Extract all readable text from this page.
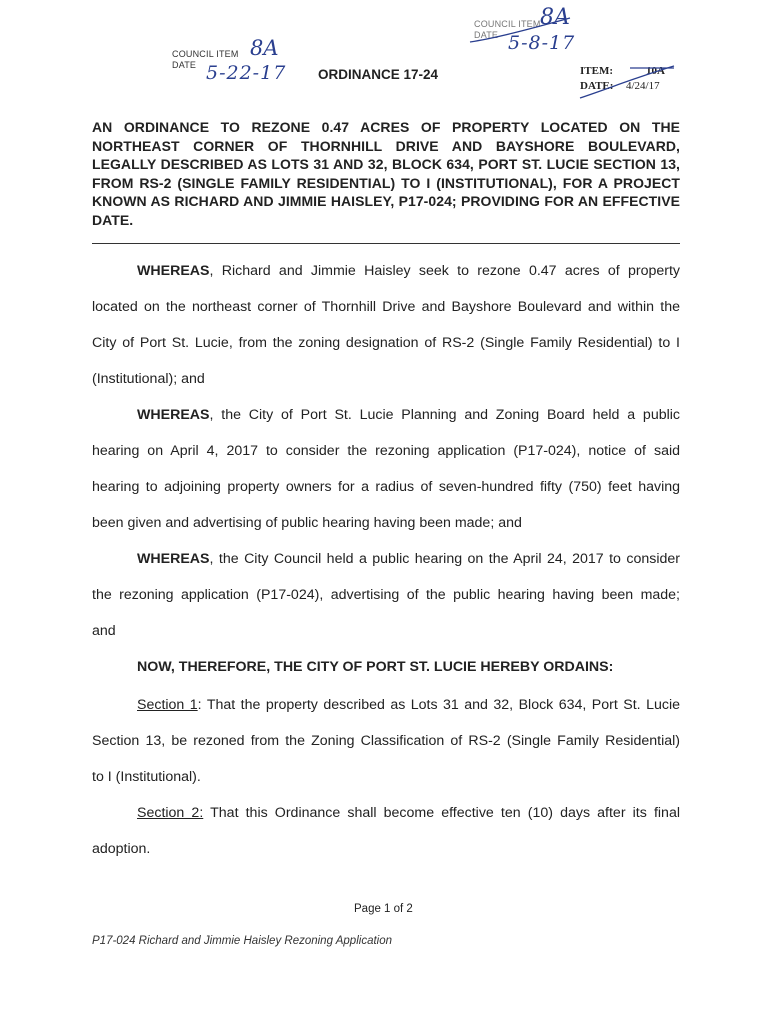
COUNCIL ITEM
DATE
8A
5-22-17
COUNCIL ITEM
DATE
8A
5-8-17
ORDINANCE 17-24	ITEM:	10A
DATE: 4/24/17
AN ORDINANCE TO REZONE 0.47 ACRES OF PROPERTY LOCATED ON THE NORTHEAST CORNER OF THORNHILL DRIVE AND BAYSHORE BOULEVARD, LEGALLY DESCRIBED AS LOTS 31 AND 32, BLOCK 634, PORT ST. LUCIE SECTION 13, FROM RS-2 (SINGLE FAMILY RESIDENTIAL) TO I (INSTITUTIONAL), FOR A PROJECT KNOWN AS RICHARD AND JIMMIE HAISLEY, P17-024; PROVIDING FOR AN EFFECTIVE DATE.
WHEREAS, Richard and Jimmie Haisley seek to rezone 0.47 acres of property
located on the northeast corner of Thornhill Drive and Bayshore Boulevard and within the
City of Port St. Lucie, from the zoning designation of RS-2 (Single Family Residential) to I
(Institutional); and
WHEREAS, the City of Port St. Lucie Planning and Zoning Board held a public
hearing on April 4, 2017 to consider the rezoning application (P17-024), notice of said
hearing to adjoining property owners for a radius of seven-hundred fifty (750) feet having
been given and advertising of public hearing having been made; and
WHEREAS, the City Council held a public hearing on the April 24, 2017 to consider
the rezoning application (P17-024), advertising of the public hearing having been made;
and
NOW, THEREFORE, THE CITY OF PORT ST. LUCIE HEREBY ORDAINS:
Section 1: That the property described as Lots 31 and 32, Block 634, Port St. Lucie
Section 13, be rezoned from the Zoning Classification of RS-2 (Single Family Residential)
to I (Institutional).
Section 2: That this Ordinance shall become effective ten (10) days after its final
adoption.
Page 1 of 2
P17-024 Richard and Jimmie Haisley Rezoning Application
